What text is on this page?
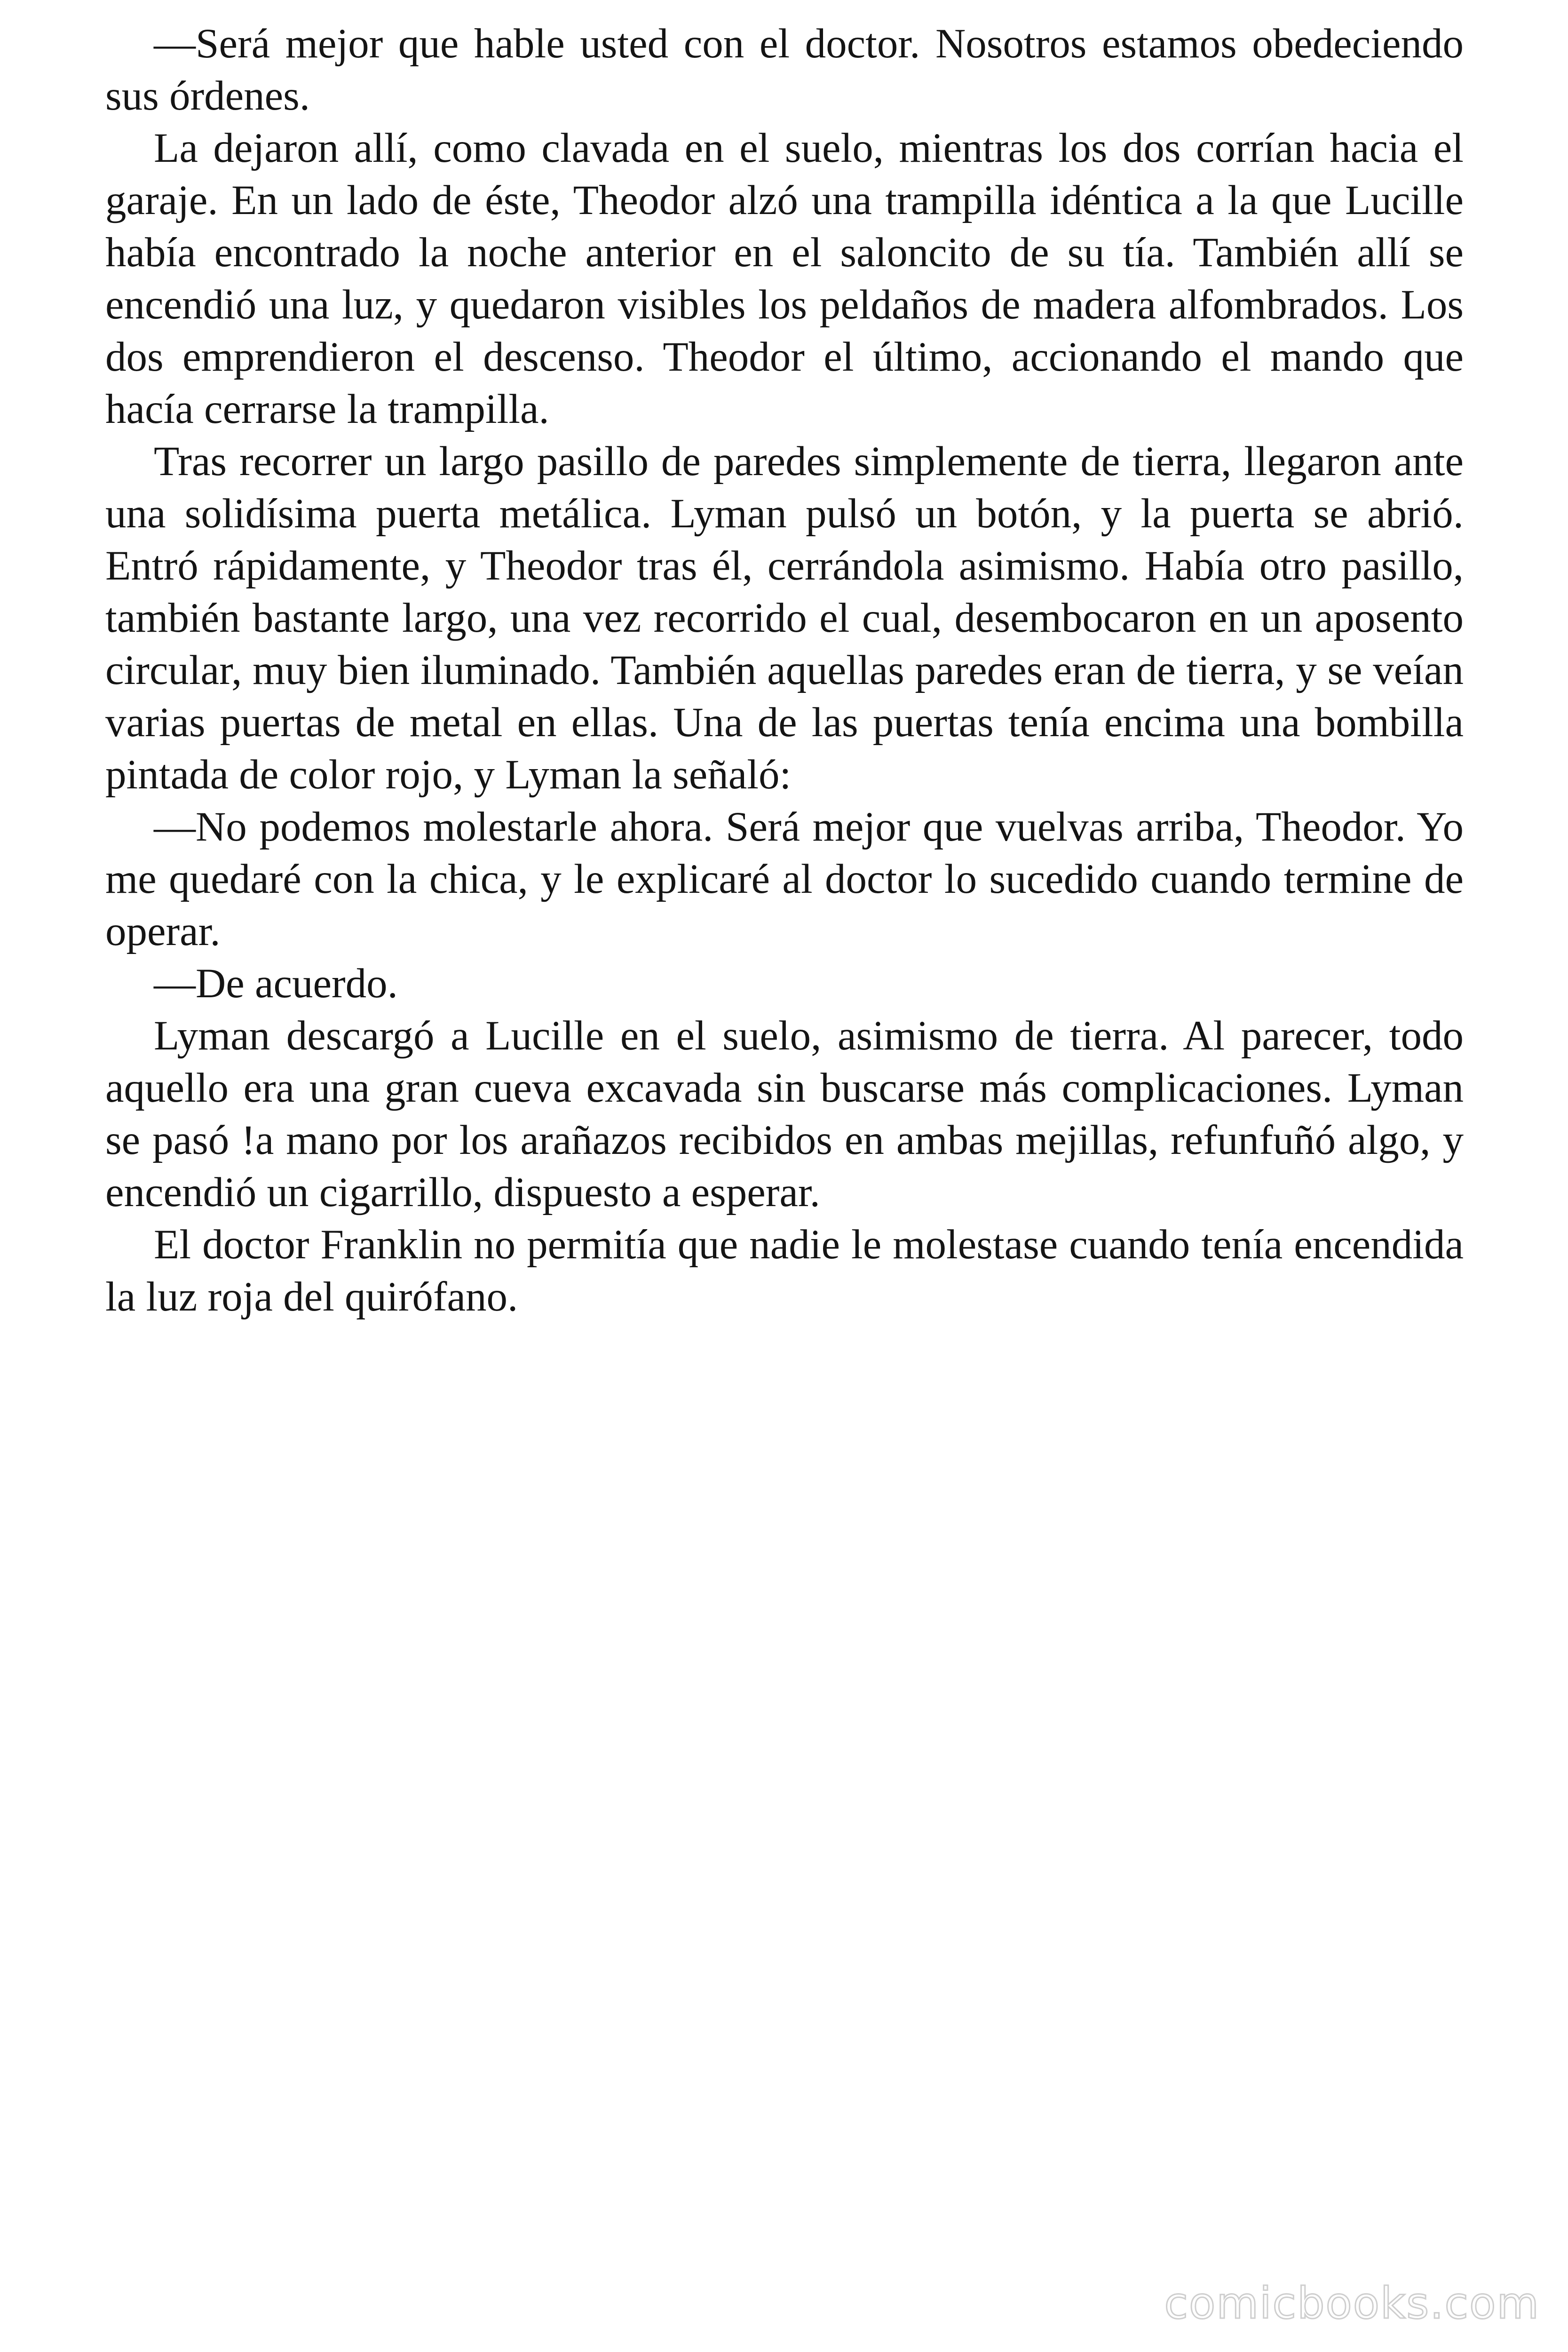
—Será mejor que hable usted con el doctor. Nosotros estamos obedeciendo sus órdenes.

La dejaron allí, como clavada en el suelo, mientras los dos corrían hacia el garaje. En un lado de éste, Theodor alzó una trampilla idéntica a la que Lucille había encontrado la noche anterior en el saloncito de su tía. También allí se encendió una luz, y quedaron visibles los peldaños de madera alfombrados. Los dos emprendieron el descenso. Theodor el último, accionando el mando que hacía cerrarse la trampilla.

Tras recorrer un largo pasillo de paredes simplemente de tierra, llegaron ante una solidísima puerta metálica. Lyman pulsó un botón, y la puerta se abrió. Entró rápidamente, y Theodor tras él, cerrándola asimismo. Había otro pasillo, también bastante largo, una vez recorrido el cual, desembocaron en un aposento circular, muy bien iluminado. También aquellas paredes eran de tierra, y se veían varias puertas de metal en ellas. Una de las puertas tenía encima una bombilla pintada de color rojo, y Lyman la señaló:

—No podemos molestarle ahora. Será mejor que vuelvas arriba, Theodor. Yo me quedaré con la chica, y le explicaré al doctor lo sucedido cuando termine de operar.

—De acuerdo.

Lyman descargó a Lucille en el suelo, asimismo de tierra. Al parecer, todo aquello era una gran cueva excavada sin buscarse más complicaciones. Lyman se pasó !a mano por los arañazos recibidos en ambas mejillas, refunfuñó algo, y encendió un cigarrillo, dispuesto a esperar.

El doctor Franklin no permitía que nadie le molestase cuando tenía encendida la luz roja del quirófano.

comicbooks.com
